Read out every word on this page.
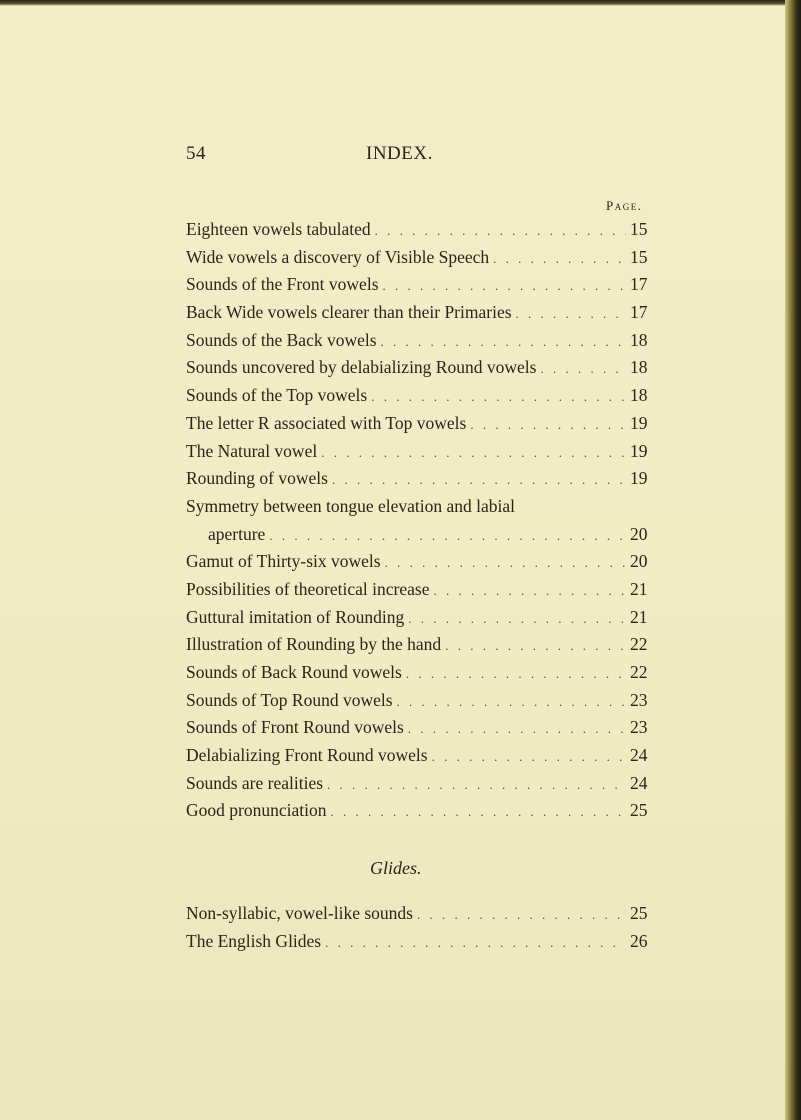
54	INDEX.
Page.
Eighteen vowels tabulated . . .	15
Wide vowels a discovery of Visible Speech . . .	15
Sounds of the Front vowels . . .	17
Back Wide vowels clearer than their Primaries . . .	17
Sounds of the Back vowels . . .	18
Sounds uncovered by delabializing Round vowels . . .	18
Sounds of the Top vowels . . .	18
The letter R associated with Top vowels . . .	19
The Natural vowel . . .	19
Rounding of vowels . . .	19
Symmetry between tongue elevation and labial
aperture . . .	20
Gamut of Thirty-six vowels . . .	20
Possibilities of theoretical increase . . .	21
Guttural imitation of Rounding . . .	21
Illustration of Rounding by the hand . . .	22
Sounds of Back Round vowels . . .	22
Sounds of Top Round vowels . . .	23
Sounds of Front Round vowels . . .	23
Delabializing Front Round vowels . . .	24
Sounds are realities . . .	24
Good pronunciation . . .	25
Glides.
Non-syllabic, vowel-like sounds . . .	25
The English Glides . . .	26
